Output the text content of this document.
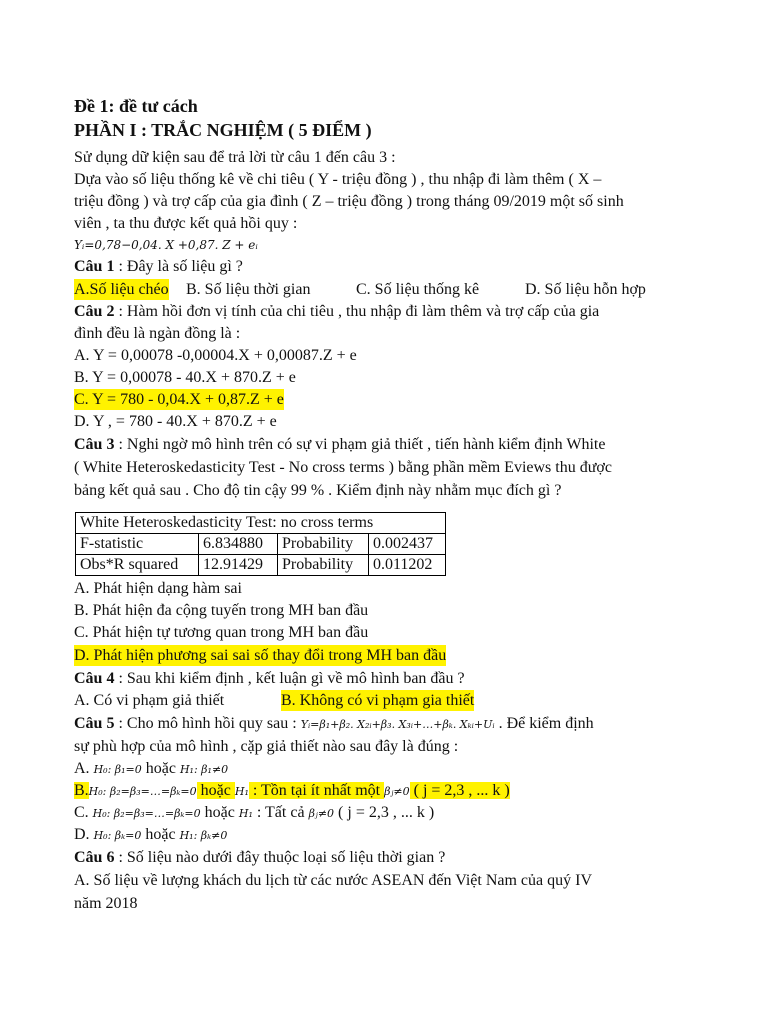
Đề 1: đề tư cách
PHẦN I : TRẮC NGHIỆM ( 5 ĐIỂM )
Sử dụng dữ kiện sau để trả lời từ câu 1 đến câu 3 :
Dựa vào số liệu thống kê về chi tiêu ( Y - triệu đồng ) , thu nhập đi làm thêm ( X –
triệu đồng ) và trợ cấp của gia đình ( Z – triệu đồng ) trong tháng 09/2019 một số sinh
viên , ta thu được kết quả hồi quy :
Yᵢ=0,78−0,04. X +0,87. Z + eᵢ
Câu 1 : Đây là số liệu gì ?
A.Số liệu chéo B. Số liệu thời gian	C. Số liệu thống kê	D. Số liệu hỗn hợp
Câu 2 : Hàm hồi đơn vị tính của chi tiêu , thu nhập đi làm thêm và trợ cấp của gia
đình đều là ngàn đồng là :
A. Y = 0,00078 -0,00004.X + 0,00087.Z + e
B. Y = 0,00078 - 40.X + 870.Z + e
C. Y = 780 - 0,04.X + 0,87.Z + e
D. Y , = 780 - 40.X + 870.Z + e
Câu 3 : Nghi ngờ mô hình trên có sự vi phạm giả thiết , tiến hành kiểm định White
( White Heteroskedasticity Test - No cross terms ) bằng phần mềm Eviews thu được
bảng kết quả sau . Cho độ tin cậy 99 % . Kiểm định này nhằm mục đích gì ?
White Heteroskedasticity Test: no cross terms			
F-statistic	6.834880	Probability	0.002437
Obs*R squared	12.91429	Probability	0.011202
A. Phát hiện dạng hàm sai
B. Phát hiện đa cộng tuyến trong MH ban đầu
C. Phát hiện tự tương quan trong MH ban đầu
D. Phát hiện phương sai sai số thay đổi trong MH ban đầu
Câu 4 : Sau khi kiểm định , kết luận gì về mô hình ban đầu ?
A. Có vi phạm giả thiết	B. Không có vi phạm gia thiết
Câu 5 : Cho mô hình hồi quy sau : Yᵢ=β₁+β₂. X₂ᵢ+β₃. X₃ᵢ+…+βₖ. Xₖᵢ+Uᵢ . Để kiểm định
sự phù hợp của mô hình , cặp giả thiết nào sau đây là đúng :
A. H₀: β₁=0 hoặc H₁: β₁≠0
B.H₀: β₂=β₃=…=βₖ=0 hoặc H₁ : Tồn tại ít nhất một βⱼ≠0 ( j = 2,3 , ... k )
C. H₀: β₂=β₃=…=βₖ=0 hoặc H₁ : Tất cả βⱼ≠0 ( j = 2,3 , ... k )
D. H₀: βₖ=0 hoặc H₁: βₖ≠0
Câu 6 : Số liệu nào dưới đây thuộc loại số liệu thời gian ?
A. Số liệu về lượng khách du lịch từ các nước ASEAN đến Việt Nam của quý IV
năm 2018
